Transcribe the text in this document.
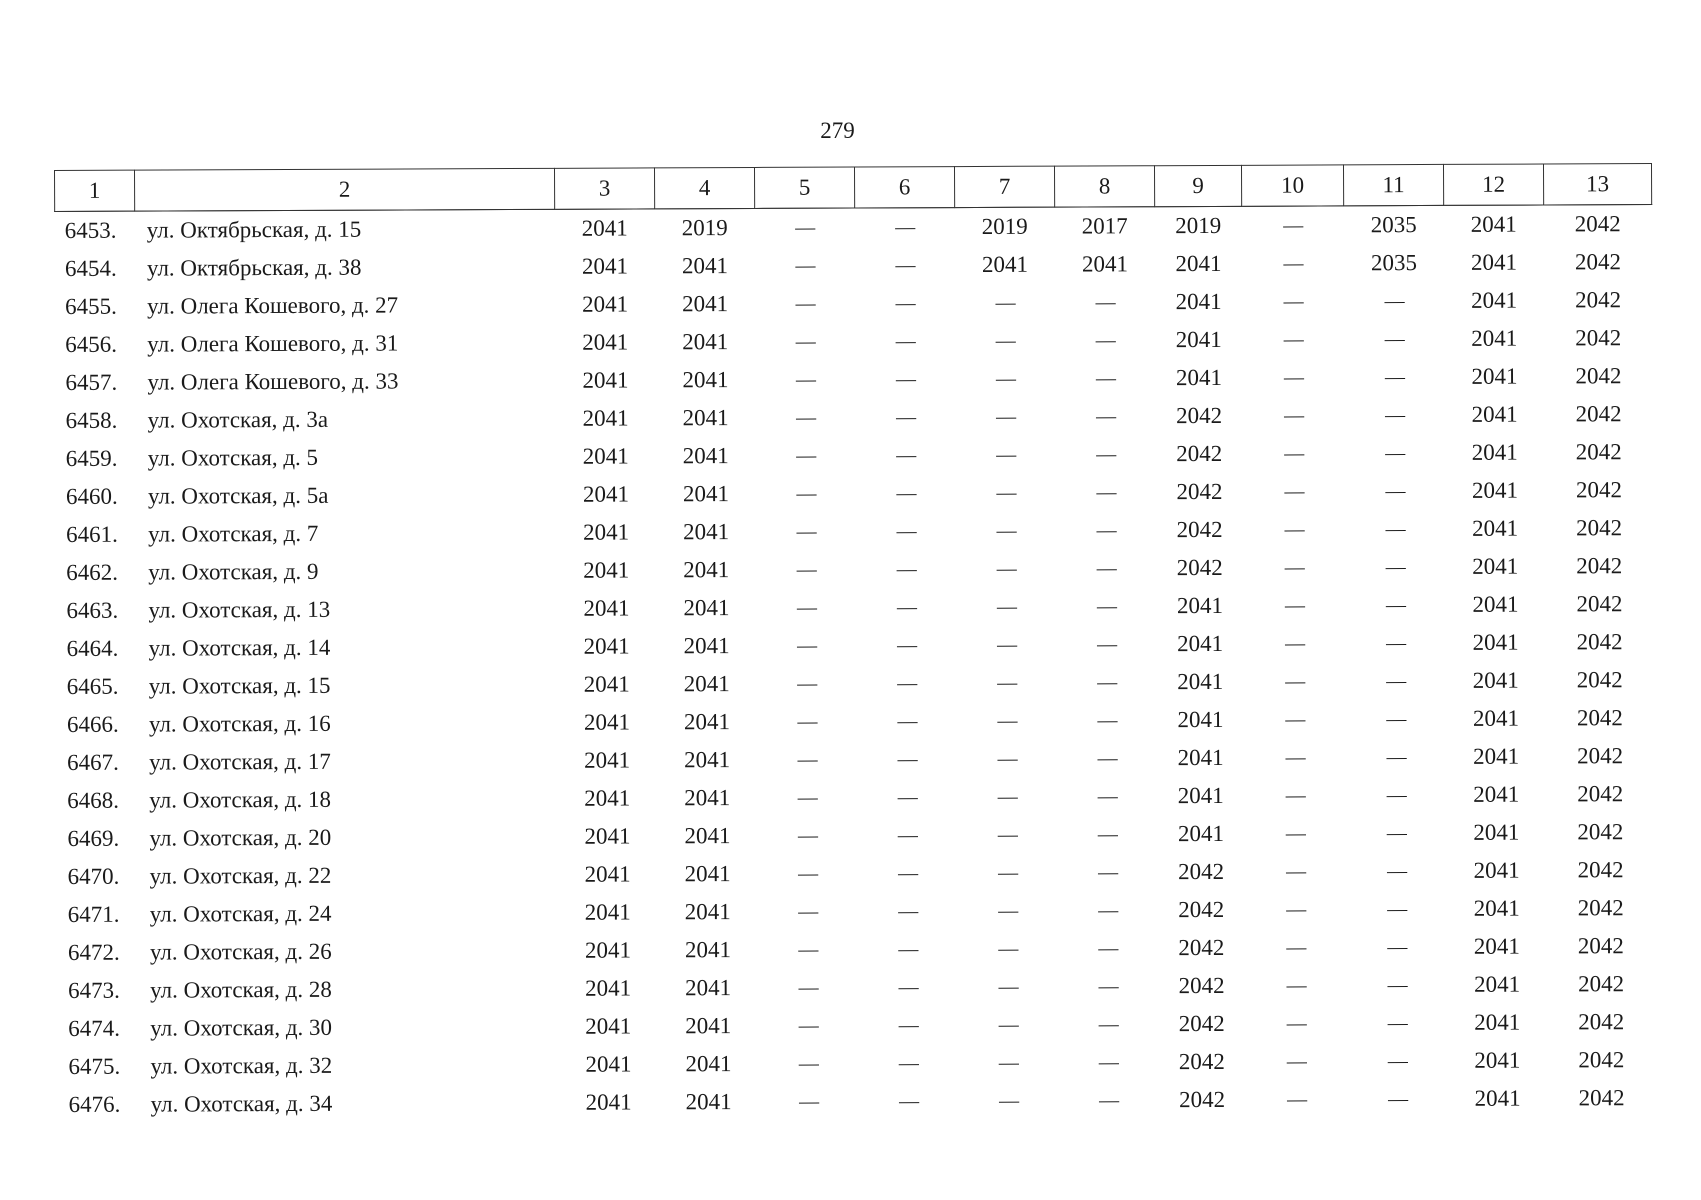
279
1	2	3	4	5	6	7	8	9	10	11	12	13
6453.	ул. Октябрьская, д. 15	2041	2019	—	—	2019	2017	2019	—	2035	2041	2042
6454.	ул. Октябрьская, д. 38	2041	2041	—	—	2041	2041	2041	—	2035	2041	2042
6455.	ул. Олега Кошевого, д. 27	2041	2041	—	—	—	—	2041	—	—	2041	2042
6456.	ул. Олега Кошевого, д. 31	2041	2041	—	—	—	—	2041	—	—	2041	2042
6457.	ул. Олега Кошевого, д. 33	2041	2041	—	—	—	—	2041	—	—	2041	2042
6458.	ул. Охотская, д. 3а	2041	2041	—	—	—	—	2042	—	—	2041	2042
6459.	ул. Охотская, д. 5	2041	2041	—	—	—	—	2042	—	—	2041	2042
6460.	ул. Охотская, д. 5а	2041	2041	—	—	—	—	2042	—	—	2041	2042
6461.	ул. Охотская, д. 7	2041	2041	—	—	—	—	2042	—	—	2041	2042
6462.	ул. Охотская, д. 9	2041	2041	—	—	—	—	2042	—	—	2041	2042
6463.	ул. Охотская, д. 13	2041	2041	—	—	—	—	2041	—	—	2041	2042
6464.	ул. Охотская, д. 14	2041	2041	—	—	—	—	2041	—	—	2041	2042
6465.	ул. Охотская, д. 15	2041	2041	—	—	—	—	2041	—	—	2041	2042
6466.	ул. Охотская, д. 16	2041	2041	—	—	—	—	2041	—	—	2041	2042
6467.	ул. Охотская, д. 17	2041	2041	—	—	—	—	2041	—	—	2041	2042
6468.	ул. Охотская, д. 18	2041	2041	—	—	—	—	2041	—	—	2041	2042
6469.	ул. Охотская, д. 20	2041	2041	—	—	—	—	2041	—	—	2041	2042
6470.	ул. Охотская, д. 22	2041	2041	—	—	—	—	2042	—	—	2041	2042
6471.	ул. Охотская, д. 24	2041	2041	—	—	—	—	2042	—	—	2041	2042
6472.	ул. Охотская, д. 26	2041	2041	—	—	—	—	2042	—	—	2041	2042
6473.	ул. Охотская, д. 28	2041	2041	—	—	—	—	2042	—	—	2041	2042
6474.	ул. Охотская, д. 30	2041	2041	—	—	—	—	2042	—	—	2041	2042
6475.	ул. Охотская, д. 32	2041	2041	—	—	—	—	2042	—	—	2041	2042
6476.	ул. Охотская, д. 34	2041	2041	—	—	—	—	2042	—	—	2041	2042
